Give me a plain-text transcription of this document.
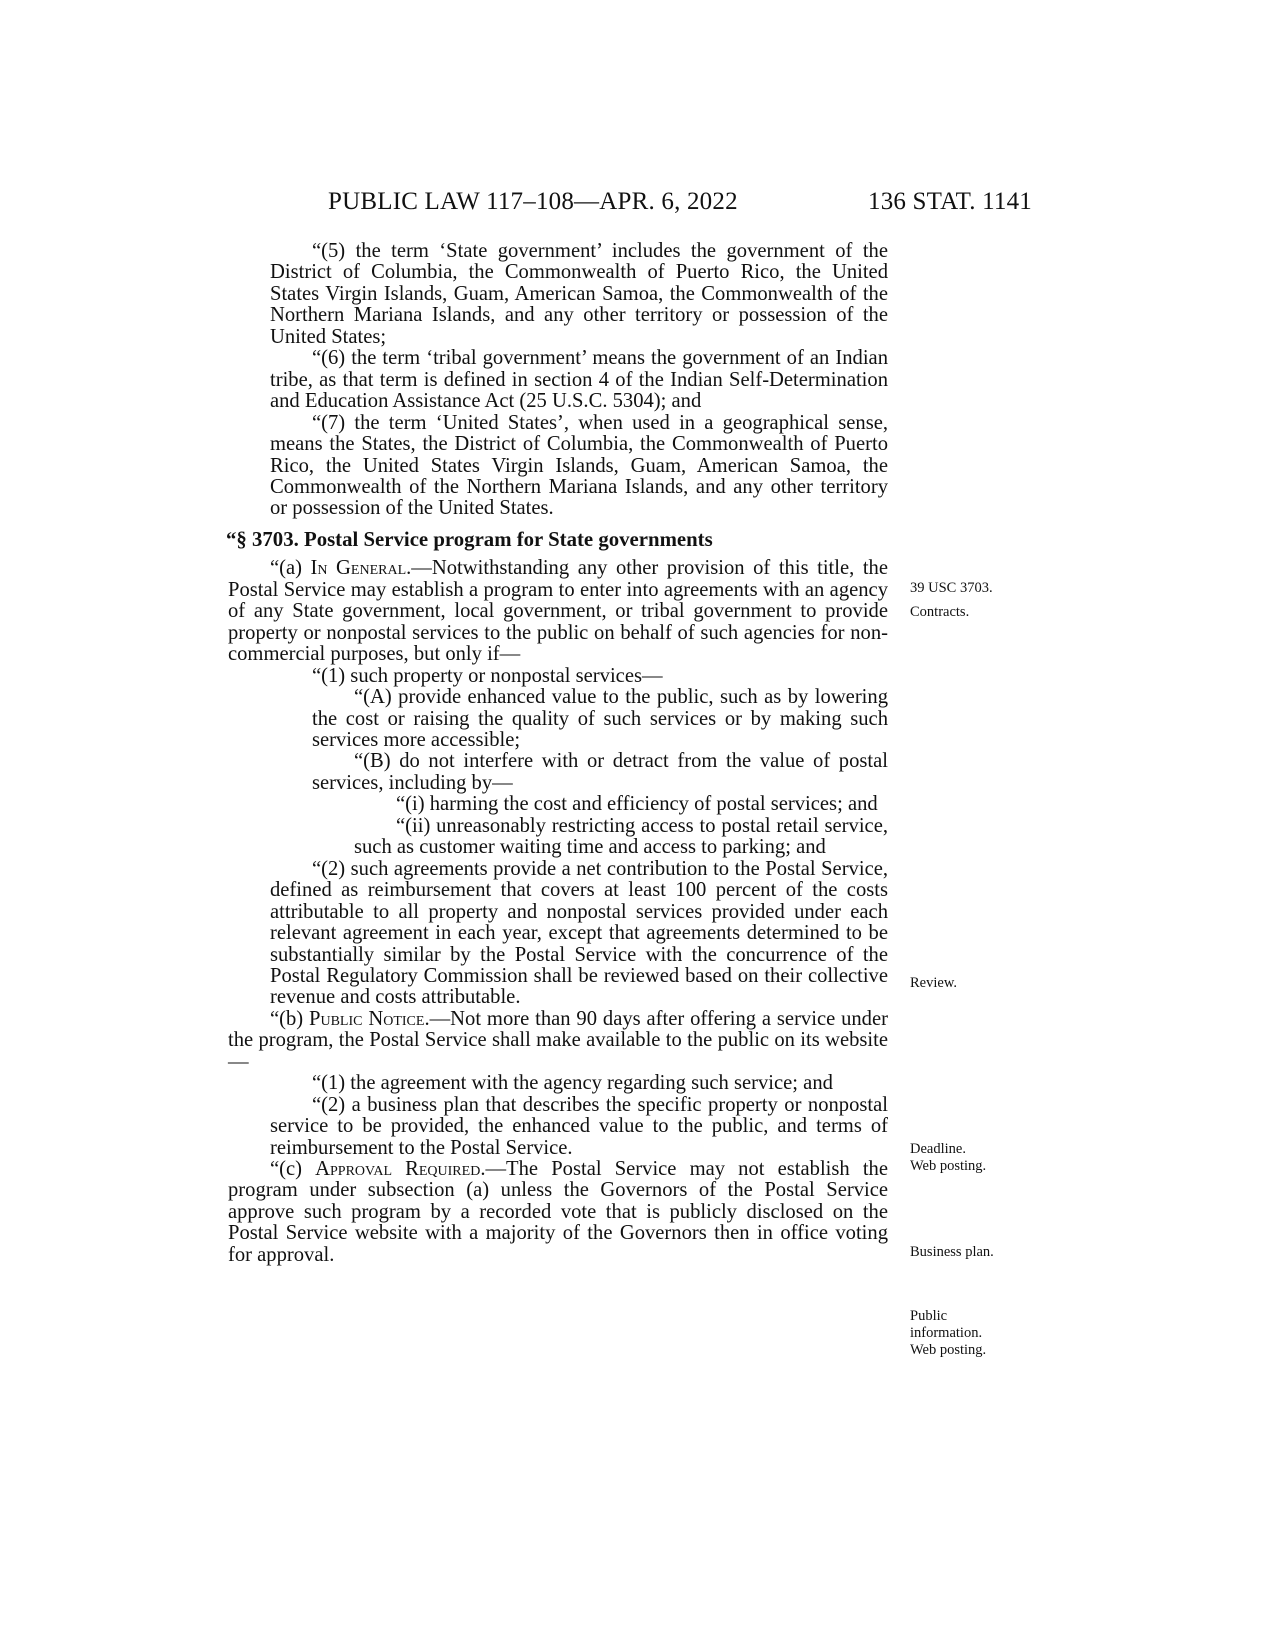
PUBLIC LAW 117–108—APR. 6, 2022	136 STAT. 1141

“(5) the term ‘State government’ includes the government of the District of Columbia, the Commonwealth of Puerto Rico, the United States Virgin Islands, Guam, American Samoa, the Commonwealth of the Northern Mariana Islands, and any other territory or possession of the United States;

“(6) the term ‘tribal government’ means the government of an Indian tribe, as that term is defined in section 4 of the Indian Self-Determination and Education Assistance Act (25 U.S.C. 5304); and

“(7) the term ‘United States’, when used in a geographical sense, means the States, the District of Columbia, the Commonwealth of Puerto Rico, the United States Virgin Islands, Guam, American Samoa, the Commonwealth of the Northern Mariana Islands, and any other territory or possession of the United States.

“§ 3703. Postal Service program for State governments

“(a) In General.—Notwithstanding any other provision of this title, the Postal Service may establish a program to enter into agreements with an agency of any State government, local government, or tribal government to provide property or nonpostal services to the public on behalf of such agencies for non-commercial purposes, but only if—

“(1) such property or nonpostal services—

“(A) provide enhanced value to the public, such as by lowering the cost or raising the quality of such services or by making such services more accessible;

“(B) do not interfere with or detract from the value of postal services, including by—

“(i) harming the cost and efficiency of postal services; and

“(ii) unreasonably restricting access to postal retail service, such as customer waiting time and access to parking; and

“(2) such agreements provide a net contribution to the Postal Service, defined as reimbursement that covers at least 100 percent of the costs attributable to all property and nonpostal services provided under each relevant agreement in each year, except that agreements determined to be substantially similar by the Postal Service with the concurrence of the Postal Regulatory Commission shall be reviewed based on their collective revenue and costs attributable.

“(b) Public Notice.—Not more than 90 days after offering a service under the program, the Postal Service shall make available to the public on its website—

“(1) the agreement with the agency regarding such service; and

“(2) a business plan that describes the specific property or nonpostal service to be provided, the enhanced value to the public, and terms of reimbursement to the Postal Service.

“(c) Approval Required.—The Postal Service may not establish the program under subsection (a) unless the Governors of the Postal Service approve such program by a recorded vote that is publicly disclosed on the Postal Service website with a majority of the Governors then in office voting for approval.

39 USC 3703.
Contracts.
Review.
Deadline.
Web posting.
Business plan.
Public
information.
Web posting.
